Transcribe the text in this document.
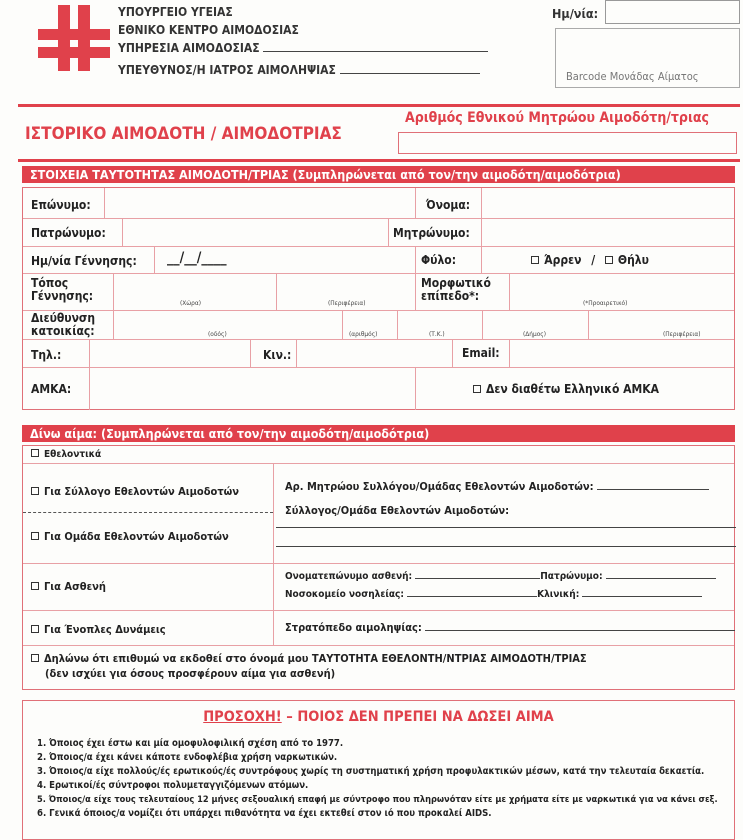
ΥΠΟΥΡΓΕΙΟ ΥΓΕΙΑΣ
ΕΘΝΙΚΟ ΚΕΝΤΡΟ ΑΙΜΟΔΟΣΙΑΣ
ΥΠΗΡΕΣΙΑ ΑΙΜΟΔΟΣΙΑΣ
ΥΠΕΥΘΥΝΟΣ/Η ΙΑΤΡΟΣ ΑΙΜΟΛΗΨΙΑΣ
Ημ/νία:
Barcode Μονάδας Αίματος
ΙΣΤΟΡΙΚΟ ΑΙΜΟΔΟΤΗ / ΑΙΜΟΔΟΤΡΙΑΣ
Αριθμός Εθνικού Μητρώου Αιμοδότη/τριας
ΣΤΟΙΧΕΙΑ ΤΑΥΤΟΤΗΤΑΣ ΑΙΜΟΔΟΤΗ/ΤΡΙΑΣ (Συμπληρώνεται από τον/την αιμοδότη/αιμοδότρια)
Επώνυμο:	Όνομα:
Πατρώνυμο:	Μητρώνυμο:
Ημ/νία Γέννησης: __/__/____	Φύλο:	Άρρεν / Θήλυ
Τόπος Γέννησης:	(Χώρα)	(Περιφέρεια)
Μορφωτικό επίπεδο*:	(*Προαιρετικό)
Διεύθυνση κατοικίας:	(οδός)	(αριθμός)	(Τ.Κ.)	(Δήμος)	(Περιφέρεια)
Τηλ.:	Κιν.:	Email:
ΑΜΚΑ:	Δεν διαθέτω Ελληνικό ΑΜΚΑ
Δίνω αίμα: (Συμπληρώνεται από τον/την αιμοδότη/αιμοδότρια)
Εθελοντικά
Για Σύλλογο Εθελοντών Αιμοδοτών
Για Ομάδα Εθελοντών Αιμοδοτών
Αρ. Μητρώου Συλλόγου/Ομάδας Εθελοντών Αιμοδοτών:
Σύλλογος/Ομάδα Εθελοντών Αιμοδοτών:
Για Ασθενή
Ονοματεπώνυμο ασθενή:	Πατρώνυμο:
Νοσοκομείο νοσηλείας:	Κλινική:
Για Ένοπλες Δυνάμεις	Στρατόπεδο αιμοληψίας:
Δηλώνω ότι επιθυμώ να εκδοθεί στο όνομά μου ΤΑΥΤΟΤΗΤΑ ΕΘΕΛΟΝΤΗ/ΝΤΡΙΑΣ ΑΙΜΟΔΟΤΗ/ΤΡΙΑΣ
(δεν ισχύει για όσους προσφέρουν αίμα για ασθενή)
ΠΡΟΣΟΧΗ! – ΠΟΙΟΣ ΔΕΝ ΠΡΕΠΕΙ ΝΑ ΔΩΣΕΙ ΑΙΜΑ
1. Όποιος έχει έστω και μία ομοφυλοφιλική σχέση από το 1977.
2. Όποιος/α έχει κάνει κάποτε ενδοφλέβια χρήση ναρκωτικών.
3. Όποιος/α είχε πολλούς/ές ερωτικούς/ές συντρόφους χωρίς τη συστηματική χρήση προφυλακτικών μέσων, κατά την τελευταία δεκαετία.
4. Ερωτικοί/ές σύντροφοι πολυμεταγγιζόμενων ατόμων.
5. Όποιος/α είχε τους τελευταίους 12 μήνες σεξουαλική επαφή με σύντροφο που πληρωνόταν είτε με χρήματα είτε με ναρκωτικά για να κάνει σεξ.
6. Γενικά όποιος/α νομίζει ότι υπάρχει πιθανότητα να έχει εκτεθεί στον ιό που προκαλεί AIDS.
